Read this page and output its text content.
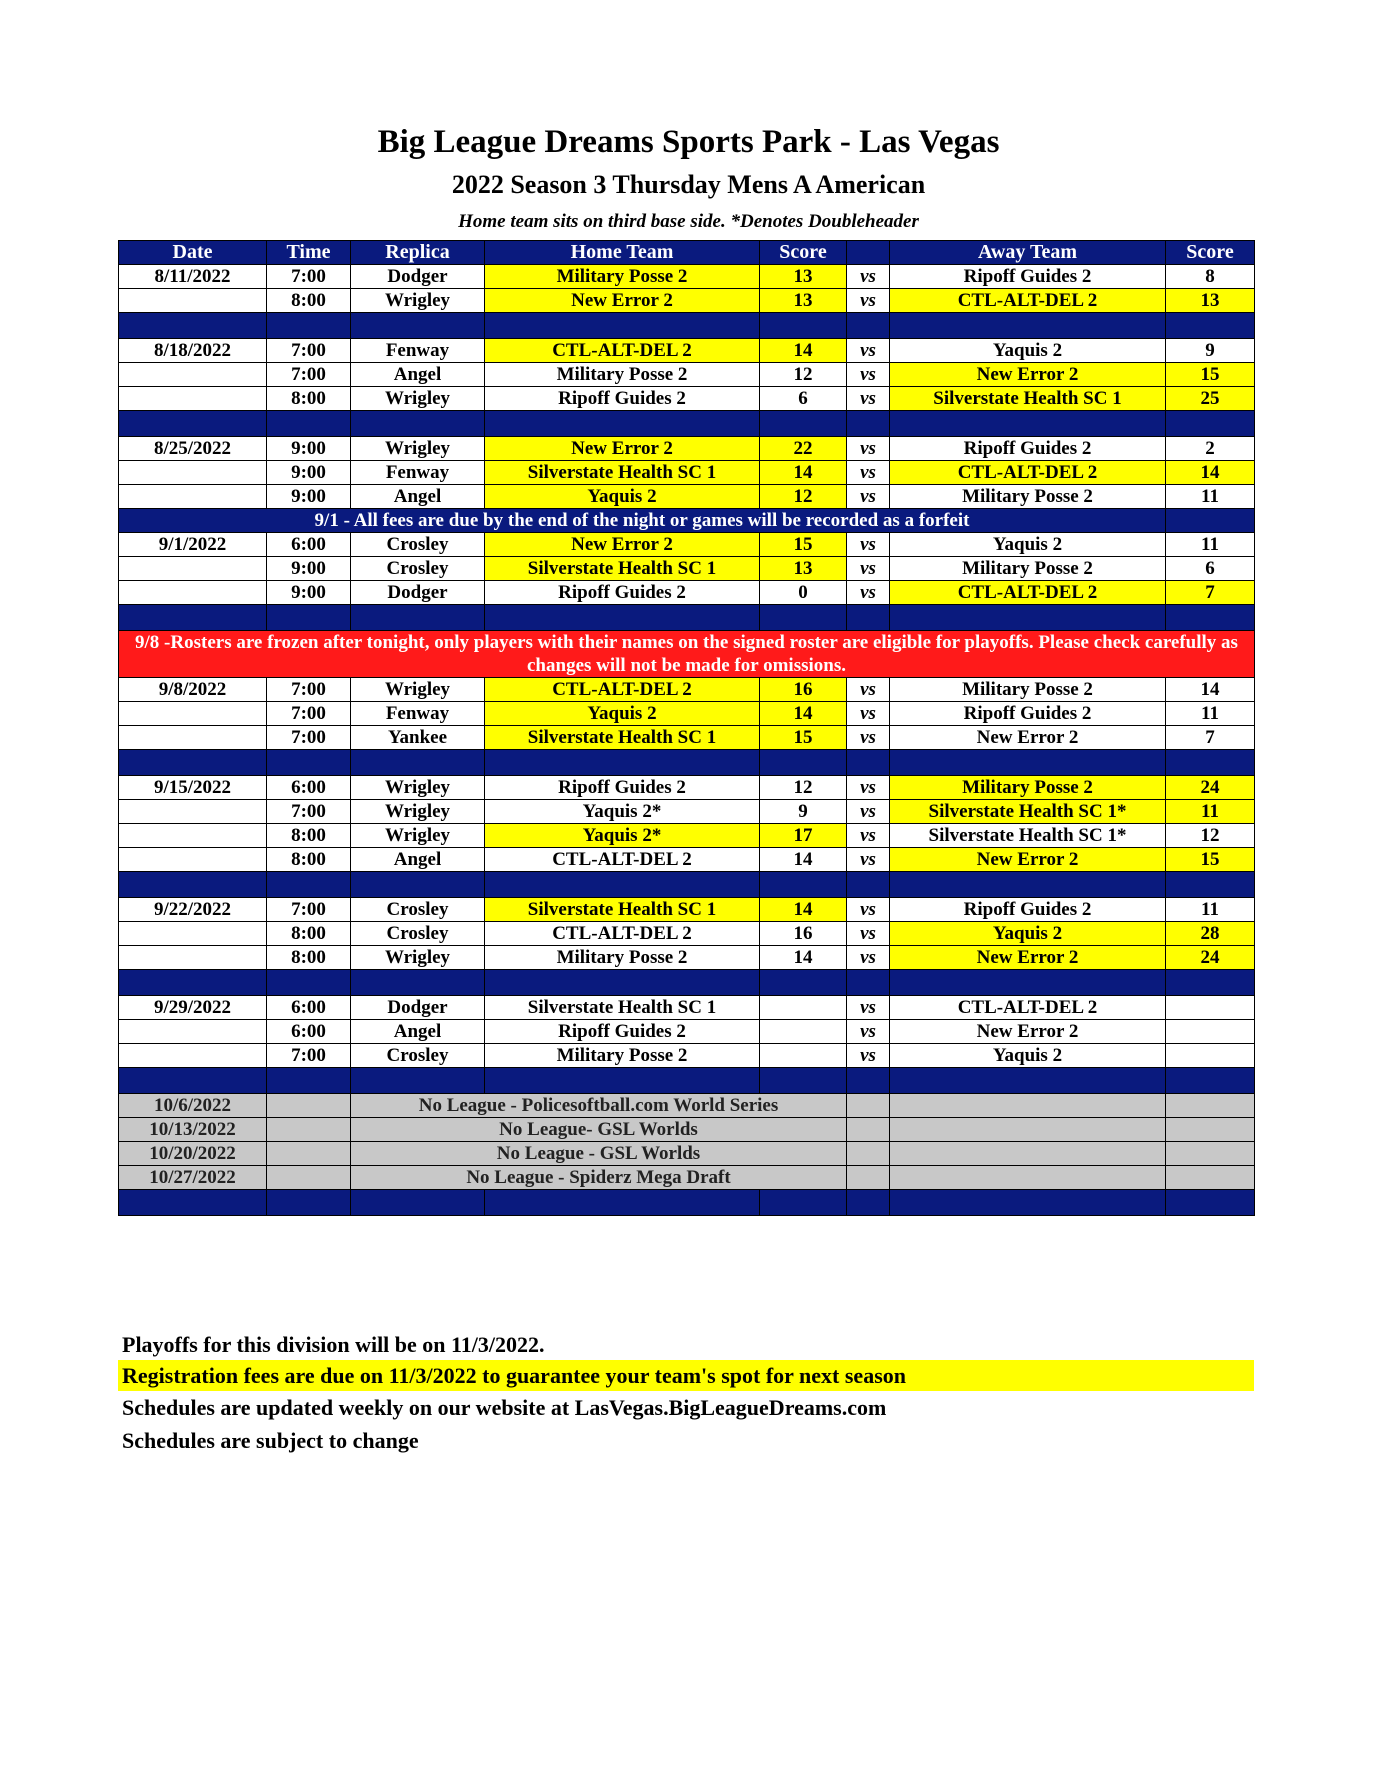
Big League Dreams Sports Park - Las Vegas
2022 Season 3 Thursday Mens A American
Home team sits on third base side. *Denotes Doubleheader
Date	Time	Replica	Home Team	Score		Away Team	Score
8/11/2022	7:00	Dodger	Military Posse 2	13	vs	Ripoff Guides 2	8
	8:00	Wrigley	New Error 2	13	vs	CTL-ALT-DEL 2	13

8/18/2022	7:00	Fenway	CTL-ALT-DEL 2	14	vs	Yaquis 2	9
	7:00	Angel	Military Posse 2	12	vs	New Error 2	15
	8:00	Wrigley	Ripoff Guides 2	6	vs	Silverstate Health SC 1	25

8/25/2022	9:00	Wrigley	New Error 2	22	vs	Ripoff Guides 2	2
	9:00	Fenway	Silverstate Health SC 1	14	vs	CTL-ALT-DEL 2	14
	9:00	Angel	Yaquis 2	12	vs	Military Posse 2	11
9/1 - All fees are due by the end of the night or games will be recorded as a forfeit							
9/1/2022	6:00	Crosley	New Error 2	15	vs	Yaquis 2	11
	9:00	Crosley	Silverstate Health SC 1	13	vs	Military Posse 2	6
	9:00	Dodger	Ripoff Guides 2	0	vs	CTL-ALT-DEL 2	7

9/8 -Rosters are frozen after tonight, only players with their names on the signed roster are eligible for playoffs. Please check carefully as changes will not be made for omissions.							
9/8/2022	7:00	Wrigley	CTL-ALT-DEL 2	16	vs	Military Posse 2	14
	7:00	Fenway	Yaquis 2	14	vs	Ripoff Guides 2	11
	7:00	Yankee	Silverstate Health SC 1	15	vs	New Error 2	7

9/15/2022	6:00	Wrigley	Ripoff Guides 2	12	vs	Military Posse 2	24
	7:00	Wrigley	Yaquis 2*	9	vs	Silverstate Health SC 1*	11
	8:00	Wrigley	Yaquis 2*	17	vs	Silverstate Health SC 1*	12
	8:00	Angel	CTL-ALT-DEL 2	14	vs	New Error 2	15

9/22/2022	7:00	Crosley	Silverstate Health SC 1	14	vs	Ripoff Guides 2	11
	8:00	Crosley	CTL-ALT-DEL 2	16	vs	Yaquis 2	28
	8:00	Wrigley	Military Posse 2	14	vs	New Error 2	24

9/29/2022	6:00	Dodger	Silverstate Health SC 1		vs	CTL-ALT-DEL 2	
	6:00	Angel	Ripoff Guides 2		vs	New Error 2	
	7:00	Crosley	Military Posse 2		vs	Yaquis 2	

10/6/2022		No League - Policesoftball.com World Series					
10/13/2022		No League- GSL Worlds					
10/20/2022		No League - GSL Worlds					
10/27/2022		No League - Spiderz Mega Draft					

Playoffs for this division will be on 11/3/2022.
Registration fees are due on 11/3/2022 to guarantee your team's spot for next season
Schedules are updated weekly on our website at LasVegas.BigLeagueDreams.com
Schedules are subject to change
